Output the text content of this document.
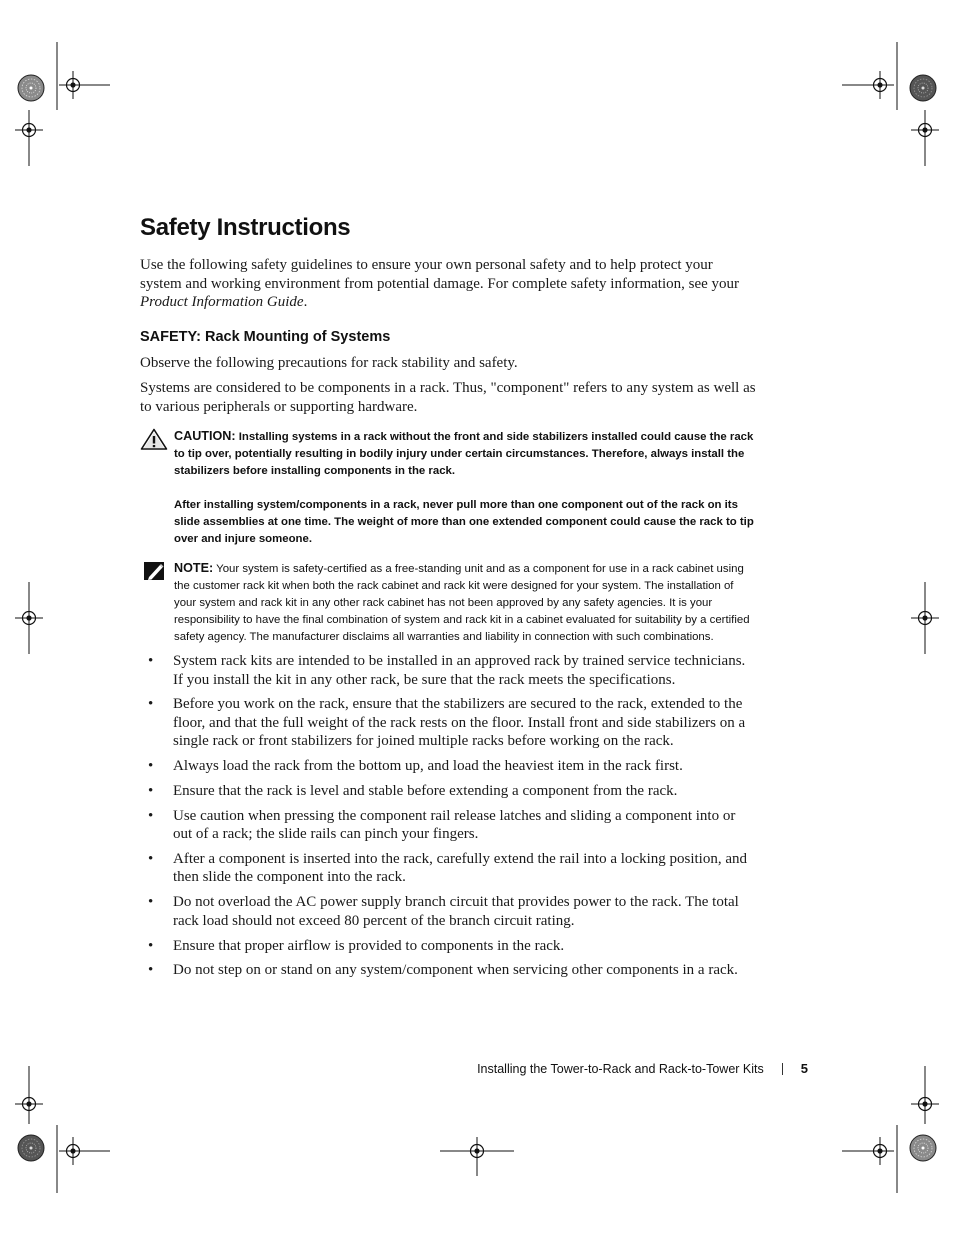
Safety Instructions

Use the following safety guidelines to ensure your own personal safety and to help protect your system and working environment from potential damage. For complete safety information, see your Product Information Guide.

SAFETY: Rack Mounting of Systems

Observe the following precautions for rack stability and safety.

Systems are considered to be components in a rack. Thus, "component" refers to any system as well as to various peripherals or supporting hardware.

CAUTION: Installing systems in a rack without the front and side stabilizers installed could cause the rack to tip over, potentially resulting in bodily injury under certain circumstances. Therefore, always install the stabilizers before installing components in the rack.

After installing system/components in a rack, never pull more than one component out of the rack on its slide assemblies at one time. The weight of more than one extended component could cause the rack to tip over and injure someone.

NOTE: Your system is safety-certified as a free-standing unit and as a component for use in a rack cabinet using the customer rack kit when both the rack cabinet and rack kit were designed for your system. The installation of your system and rack kit in any other rack cabinet has not been approved by any safety agencies. It is your responsibility to have the final combination of system and rack kit in a cabinet evaluated for suitability by a certified safety agency. The manufacturer disclaims all warranties and liability in connection with such combinations.

• System rack kits are intended to be installed in an approved rack by trained service technicians. If you install the kit in any other rack, be sure that the rack meets the specifications.
• Before you work on the rack, ensure that the stabilizers are secured to the rack, extended to the floor, and that the full weight of the rack rests on the floor. Install front and side stabilizers on a single rack or front stabilizers for joined multiple racks before working on the rack.
• Always load the rack from the bottom up, and load the heaviest item in the rack first.
• Ensure that the rack is level and stable before extending a component from the rack.
• Use caution when pressing the component rail release latches and sliding a component into or out of a rack; the slide rails can pinch your fingers.
• After a component is inserted into the rack, carefully extend the rail into a locking position, and then slide the component into the rack.
• Do not overload the AC power supply branch circuit that provides power to the rack. The total rack load should not exceed 80 percent of the branch circuit rating.
• Ensure that proper airflow is provided to components in the rack.
• Do not step on or stand on any system/component when servicing other components in a rack.
Installing the Tower-to-Rack and Rack-to-Tower Kits	5
